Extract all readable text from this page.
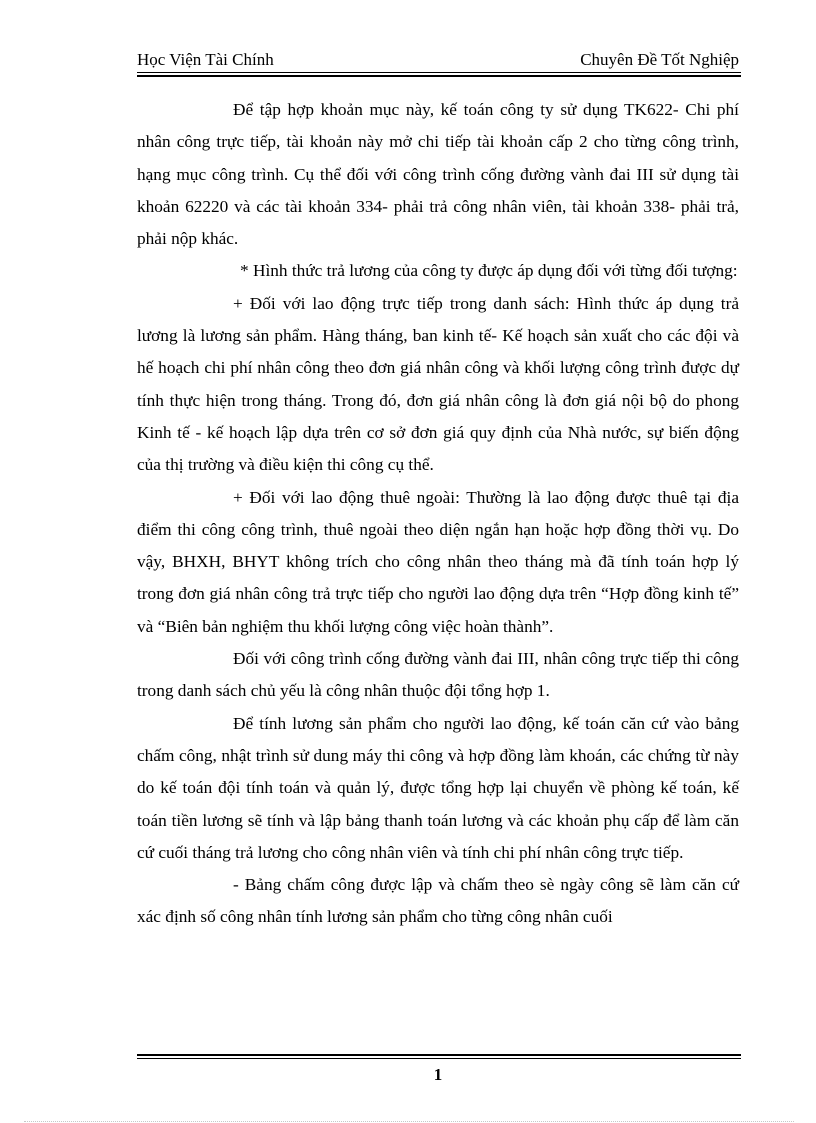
Học Viện Tài Chính	Chuyên Đề Tốt Nghiệp

Để tập hợp khoản mục này, kế toán công ty sử dụng TK622- Chi phí nhân công trực tiếp, tài khoản này mở chi tiếp tài khoản cấp 2 cho từng công trình, hạng mục công trình. Cụ thể đối với công trình cống đường vành đai III sử dụng tài khoản 62220 và các tài khoản 334- phải trả công nhân viên, tài khoản 338- phải trả, phải nộp khác.

* Hình thức trả lương của công ty được áp dụng đối với từng đối tượng:

+ Đối với lao động trực tiếp trong danh sách: Hình thức áp dụng trả lương là lương sản phẩm. Hàng tháng, ban kinh tế- Kế hoạch sản xuất cho các đội và hế hoạch chi phí nhân công theo đơn giá nhân công và khối lượng công trình được dự tính thực hiện trong tháng. Trong đó, đơn giá nhân công là đơn giá nội bộ do phong Kinh tế - kế hoạch lập dựa trên cơ sở đơn giá quy định của Nhà nước, sự biến động của thị trường và điều kiện thi công cụ thể.

+ Đối với lao động thuê ngoài: Thường là lao động được thuê tại địa điểm thi công công trình, thuê ngoài theo diện ngắn hạn hoặc hợp đồng thời vụ. Do vậy, BHXH, BHYT không trích cho công nhân theo tháng mà đã tính toán hợp lý trong đơn giá nhân công trả trực tiếp cho người lao động dựa trên “Hợp đồng kinh tế” và “Biên bản nghiệm thu khối lượng công việc hoàn thành”.

Đối với công trình cống đường vành đai III, nhân công trực tiếp thi công trong danh sách chủ yếu là công nhân thuộc đội tổng hợp 1.

Để tính lương sản phẩm cho người lao động, kế toán căn cứ vào bảng chấm công, nhật trình sử dung máy thi công và hợp đồng làm khoán, các chứng từ này do kế toán đội tính toán và quản lý, được tổng hợp lại chuyển về phòng kế toán, kế toán tiền lương sẽ tính và lập bảng thanh toán lương và các khoản phụ cấp để làm căn cứ cuối tháng trả lương cho công nhân viên và tính chi phí nhân công trực tiếp.

- Bảng chấm công được lập và chấm theo sè ngày công sẽ làm căn cứ xác định số công nhân tính lương sản phẩm cho từng công nhân cuối

1
